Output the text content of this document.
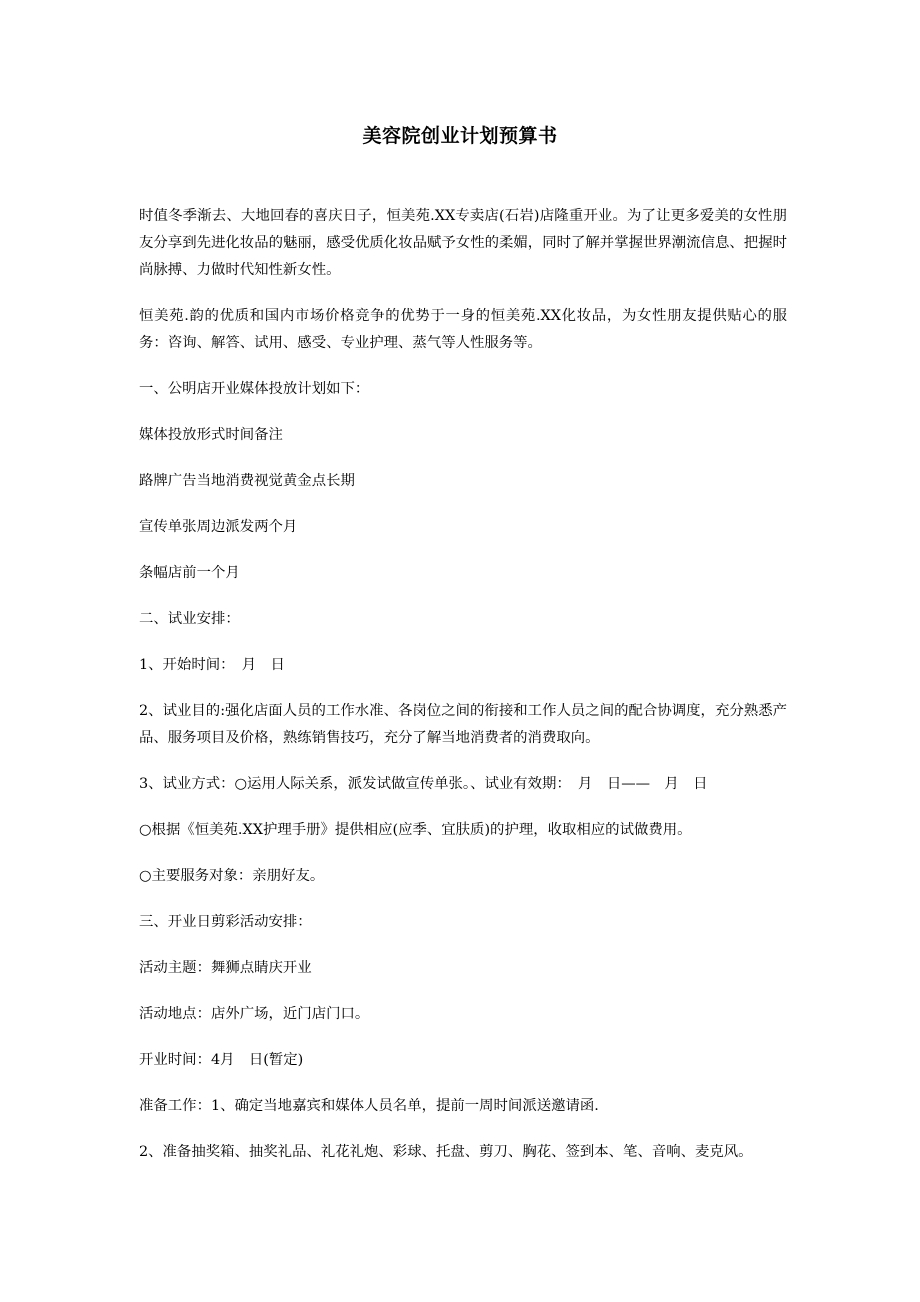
美容院创业计划预算书

时值冬季渐去、大地回春的喜庆日子，恒美苑.XX专卖店(石岩)店隆重开业。为了让更多爱美的女性朋友分享到先进化妆品的魅丽，感受优质化妆品赋予女性的柔媚，同时了解并掌握世界潮流信息、把握时尚脉搏、力做时代知性新女性。

恒美苑.韵的优质和国内市场价格竞争的优势于一身的恒美苑.XX化妆品，为女性朋友提供贴心的服务：咨询、解答、试用、感受、专业护理、蒸气等人性服务等。

一、公明店开业媒体投放计划如下：

媒体投放形式时间备注

路牌广告当地消费视觉黄金点长期

宣传单张周边派发两个月

条幅店前一个月

二、试业安排：

1、开始时间：　月　日

2、试业目的:强化店面人员的工作水准、各岗位之间的衔接和工作人员之间的配合协调度，充分熟悉产品、服务项目及价格，熟练销售技巧，充分了解当地消费者的消费取向。

3、试业方式：○运用人际关系，派发试做宣传单张。、试业有效期：　月　日——　月　日

○根据《恒美苑.XX护理手册》提供相应(应季、宜肤质)的护理，收取相应的试做费用。

○主要服务对象：亲朋好友。

三、开业日剪彩活动安排：

活动主题：舞狮点睛庆开业

活动地点：店外广场，近门店门口。

开业时间：4月　日(暂定)

准备工作：1、确定当地嘉宾和媒体人员名单，提前一周时间派送邀请函.

2、准备抽奖箱、抽奖礼品、礼花礼炮、彩球、托盘、剪刀、胸花、签到本、笔、音响、麦克风。
